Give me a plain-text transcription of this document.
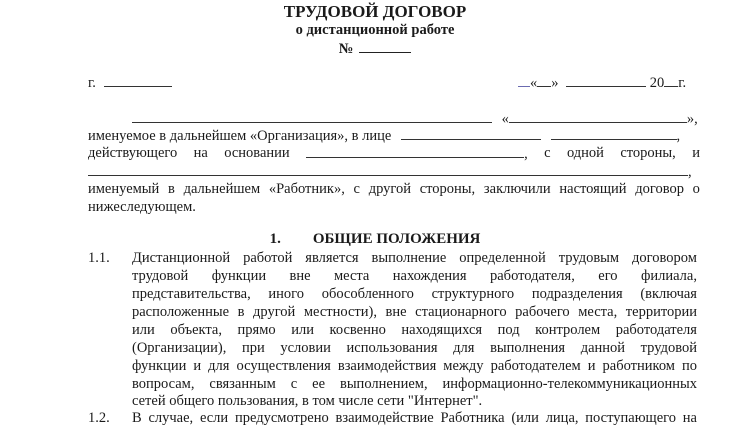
ТРУДОВОЙ ДОГОВОР
о дистанционной работе
№
г.	« »	20 г.
«	»,
именуемое в дальнейшем «Организация», в лице	,
действующего на основании	, с одной стороны, и
,
именуемый в дальнейшем «Работник», с другой стороны, заключили настоящий договор о
нижеследующем.
1. ОБЩИЕ ПОЛОЖЕНИЯ
1.1. Дистанционной работой является выполнение определенной трудовым договором
трудовой функции вне места нахождения работодателя, его филиала,
представительства, иного обособленного структурного подразделения (включая
расположенные в другой местности), вне стационарного рабочего места, территории
или объекта, прямо или косвенно находящихся под контролем работодателя
(Организации), при условии использования для выполнения данной трудовой
функции и для осуществления взаимодействия между работодателем и работником по
вопросам, связанным с ее выполнением, информационно-телекоммуникационных
сетей общего пользования, в том числе сети "Интернет".
1.2. В случае, если предусмотрено взаимодействие Работника (или лица, поступающего на
